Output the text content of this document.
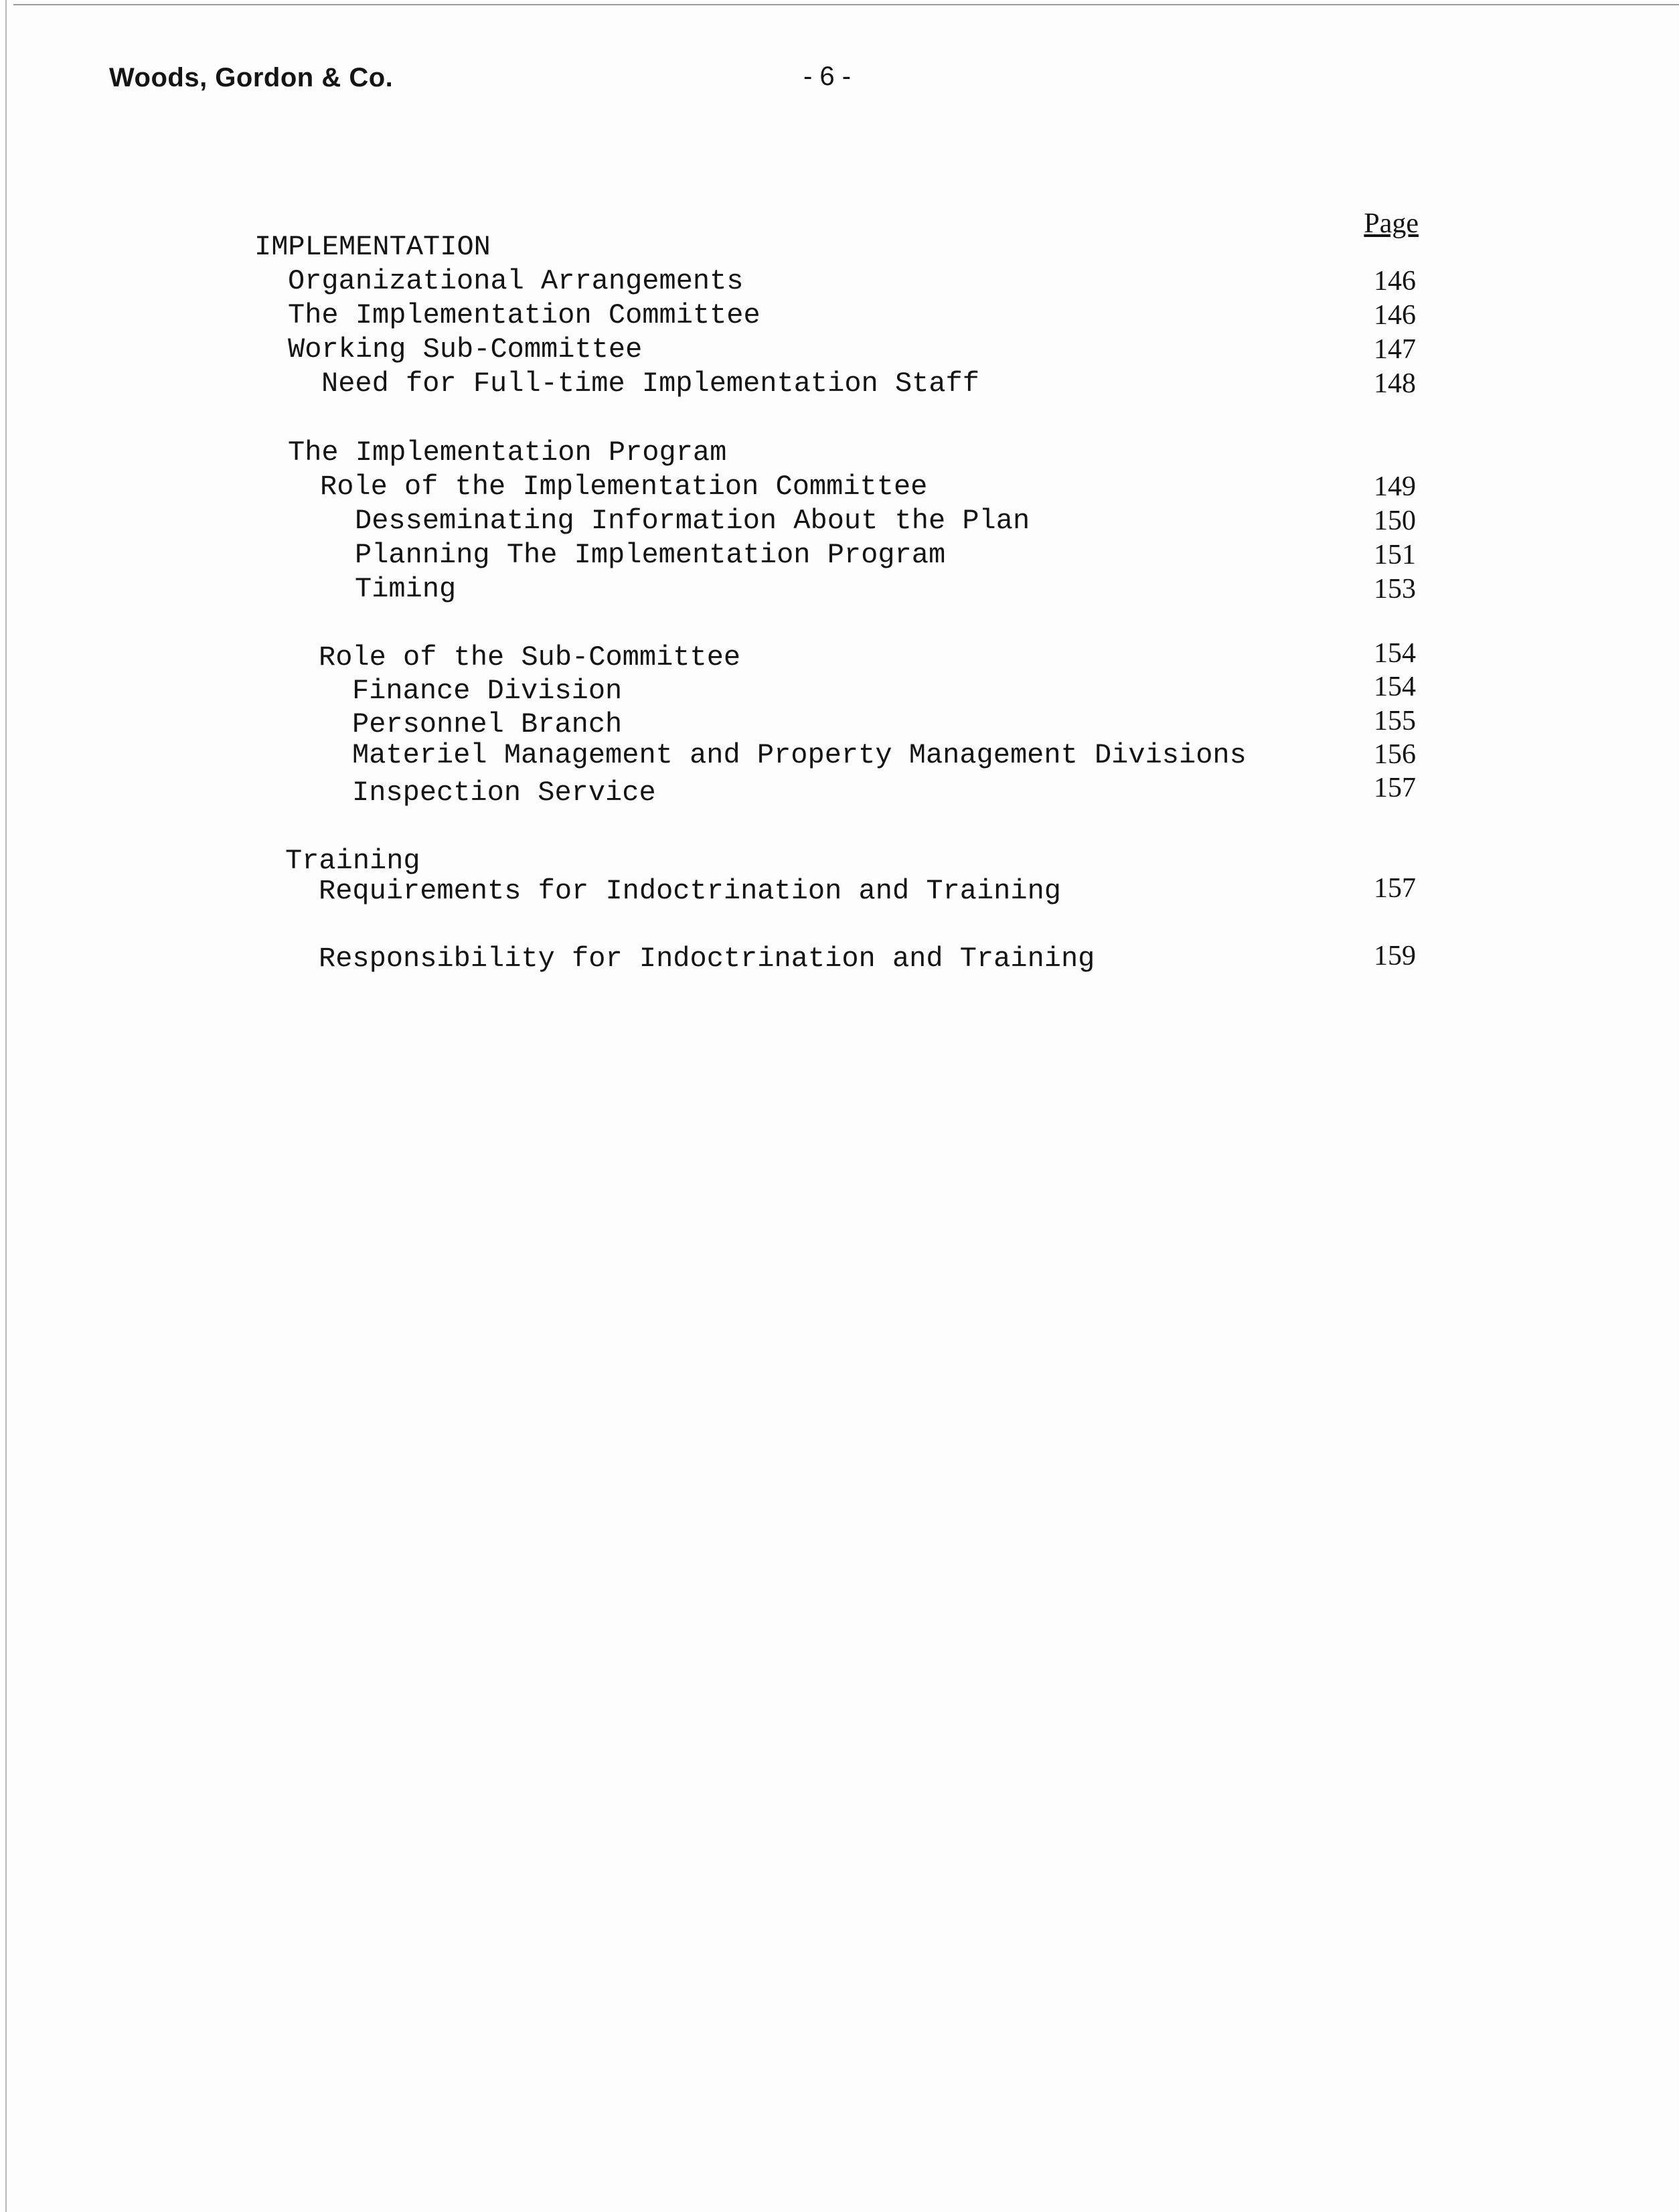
Woods, Gordon & Co.	- 6 -
Page
IMPLEMENTATION
Organizational Arrangements	146
The Implementation Committee	146
Working Sub-Committee	147
Need for Full-time Implementation Staff	148
The Implementation Program
Role of the Implementation Committee	149
Desseminating Information About the Plan	150
Planning The Implementation Program	151
Timing	153
Role of the Sub-Committee	154
Finance Division	154
Personnel Branch	155
Materiel Management and Property Management Divisions	156
Inspection Service	157
Training
Requirements for Indoctrination and Training	157
Responsibility for Indoctrination and Training	159
